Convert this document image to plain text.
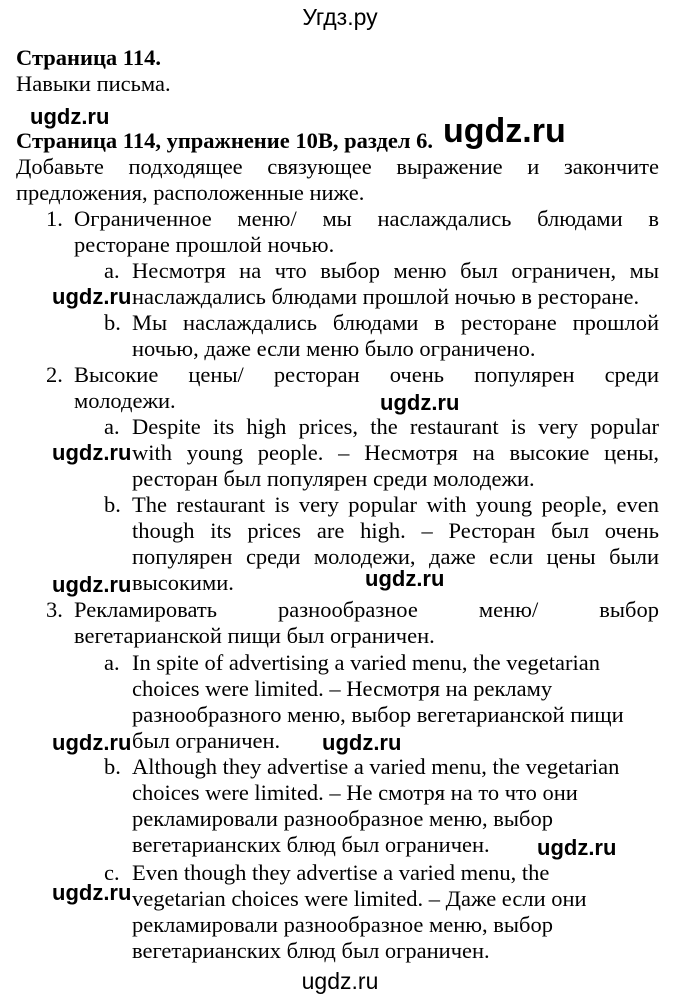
Угдз.ру
Страница 114.
Навыки письма.
Страница 114, упражнение 10B, раздел 6.
Добавьте подходящее связующее выражение и закончите
предложения, расположенные ниже.
1. Ограниченное меню/ мы наслаждались блюдами в
ресторане прошлой ночью.
a. Несмотря на что выбор меню был ограничен, мы
наслаждались блюдами прошлой ночью в ресторане.
b. Мы наслаждались блюдами в ресторане прошлой
ночью, даже если меню было ограничено.
2. Высокие цены/ ресторан очень популярен среди
молодежи.
a. Despite its high prices, the restaurant is very popular
with young people. – Несмотря на высокие цены,
ресторан был популярен среди молодежи.
b. The restaurant is very popular with young people, even
though its prices are high. – Ресторан был очень
популярен среди молодежи, даже если цены были
высокими.
3. Рекламировать разнообразное меню/ выбор
вегетарианской пищи был ограничен.
a. In spite of advertising a varied menu, the vegetarian
choices were limited. – Несмотря на рекламу
разнообразного меню, выбор вегетарианской пищи
был ограничен.
b. Although they advertise a varied menu, the vegetarian
choices were limited. – Не смотря на то что они
рекламировали разнообразное меню, выбор
вегетарианских блюд был ограничен.
c. Even though they advertise a varied menu, the
vegetarian choices were limited. – Даже если они
рекламировали разнообразное меню, выбор
вегетарианских блюд был ограничен.
ugdz.ru	ugdz.ru
ugdz.ru
ugdz.ru
ugdz.ru
ugdz.ru
ugdz.ru
ugdz.ru	ugdz.ru
ugdz.ru
ugdz.ru
ugdz.ru
